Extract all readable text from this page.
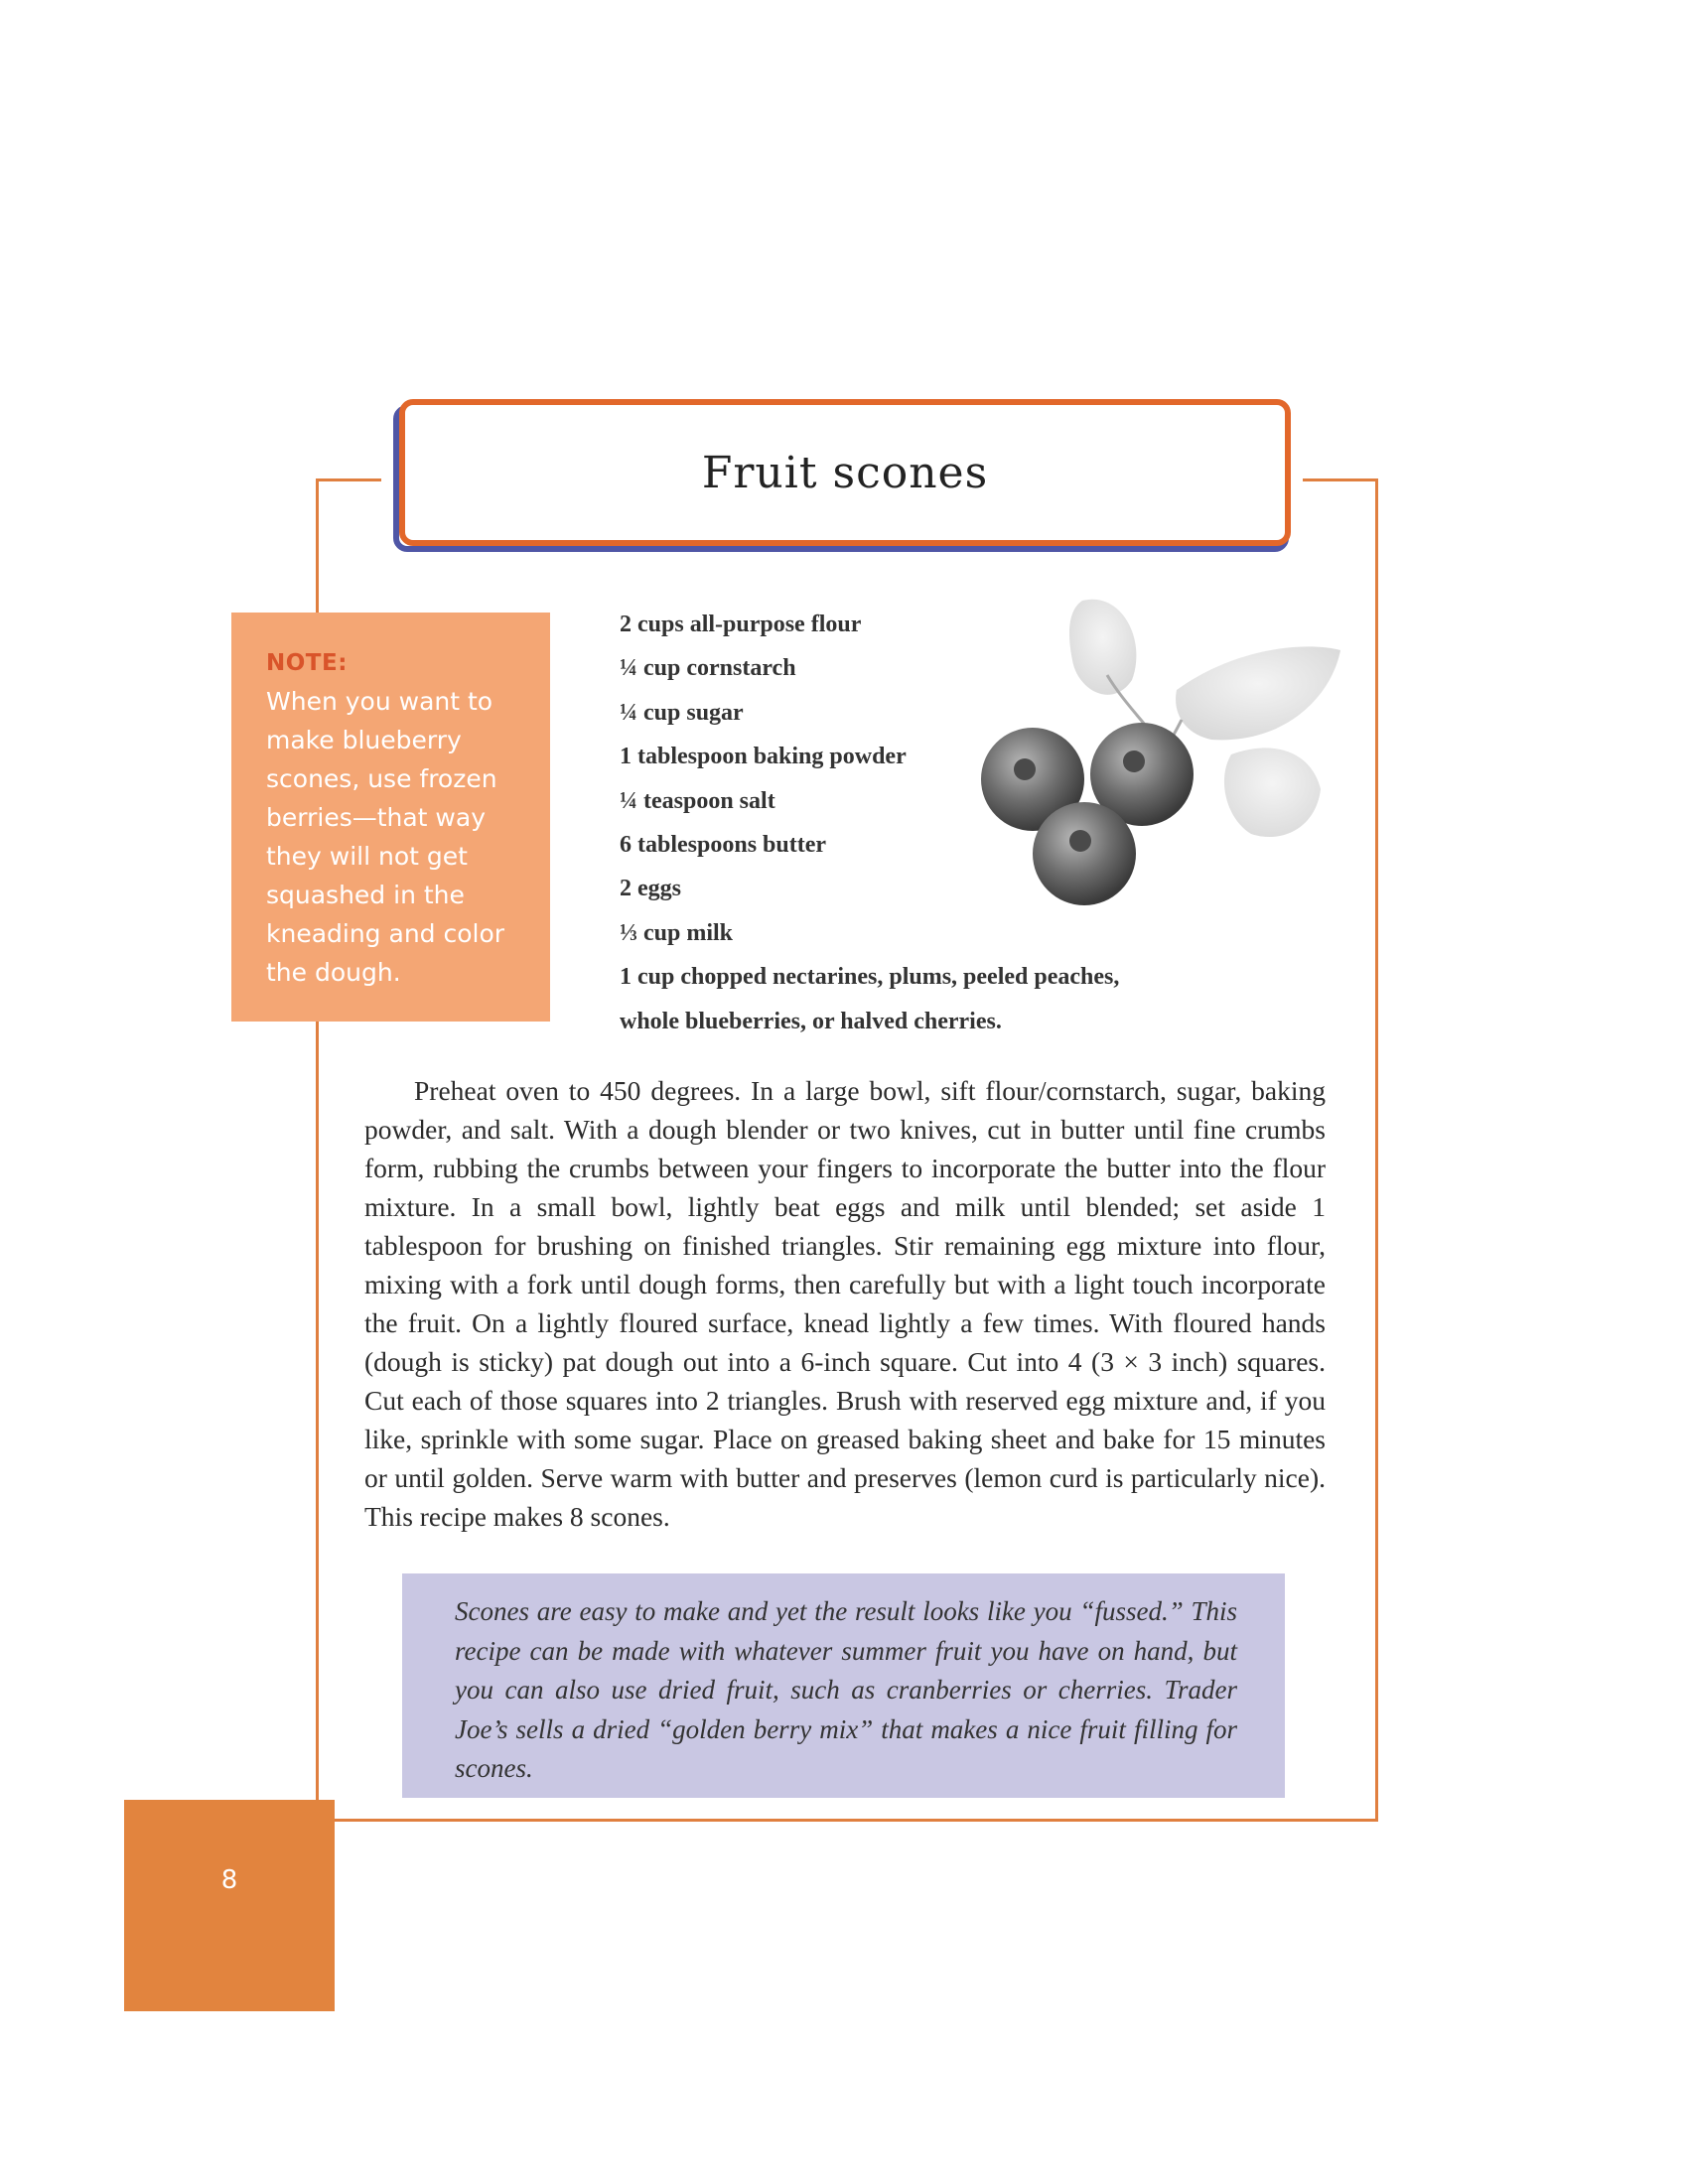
Fruit scones
NOTE:
When you want to make blueberry scones, use frozen berries—that way they will not get squashed in the kneading and color the dough.
2 cups all-purpose flour
¼ cup cornstarch
¼ cup sugar
1 tablespoon baking powder
¼ teaspoon salt
6 tablespoons butter
2 eggs
⅓ cup milk
1 cup chopped nectarines, plums, peeled peaches,
whole blueberries, or halved cherries.

Preheat oven to 450 degrees. In a large bowl, sift flour/cornstarch, sugar, baking powder, and salt. With a dough blender or two knives, cut in butter until fine crumbs form, rubbing the crumbs between your fingers to incorporate the butter into the flour mixture. In a small bowl, lightly beat eggs and milk until blended; set aside 1 tablespoon for brushing on finished triangles. Stir remaining egg mixture into flour, mixing with a fork until dough forms, then carefully but with a light touch incorporate the fruit. On a lightly floured surface, knead lightly a few times. With floured hands (dough is sticky) pat dough out into a 6-inch square. Cut into 4 (3 × 3 inch) squares. Cut each of those squares into 2 triangles. Brush with reserved egg mixture and, if you like, sprinkle with some sugar. Place on greased baking sheet and bake for 15 minutes or until golden. Serve warm with butter and preserves (lemon curd is particularly nice). This recipe makes 8 scones.

Scones are easy to make and yet the result looks like you “fussed.” This recipe can be made with whatever summer fruit you have on hand, but you can also use dried fruit, such as cranberries or cherries. Trader Joe’s sells a dried “golden berry mix” that makes a nice fruit filling for scones.
8
